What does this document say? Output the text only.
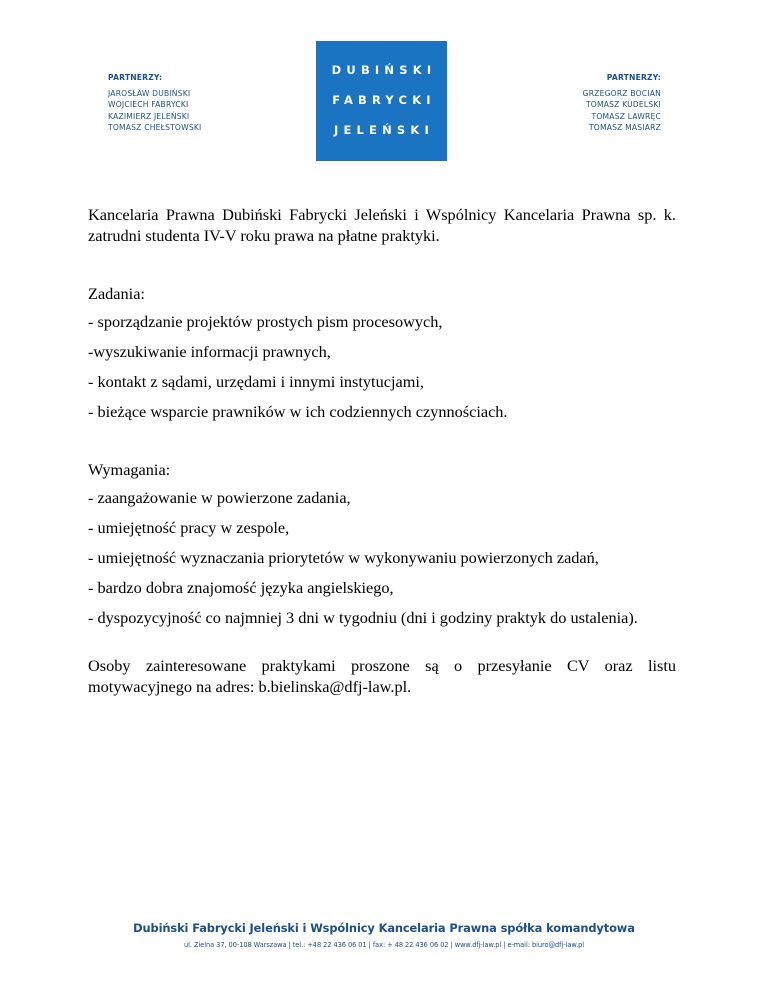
PARTNERZY:
JAROSŁAW DUBIŃSKI
WOJCIECH FABRYCKI
KAZIMIERZ JELEŃSKI
TOMASZ CHEŁSTOWSKI
DUBIŃSKI
FABRYCKI
JELEŃSKI
PARTNERZY:
GRZEGORZ BOCIAN
TOMASZ KUDELSKI
TOMASZ LAWRĘC
TOMASZ MASIARZ

Kancelaria Prawna Dubiński Fabrycki Jeleński i Wspólnicy Kancelaria Prawna sp. k. zatrudni studenta IV-V roku prawa na płatne praktyki.

Zadania:
- sporządzanie projektów prostych pism procesowych,
-wyszukiwanie informacji prawnych,
- kontakt z sądami, urzędami i innymi instytucjami,
- bieżące wsparcie prawników w ich codziennych czynnościach.
Wymagania:
- zaangażowanie w powierzone zadania,
- umiejętność pracy w zespole,
- umiejętność wyznaczania priorytetów w wykonywaniu powierzonych zadań,
- bardzo dobra znajomość języka angielskiego,
- dyspozycyjność co najmniej 3 dni w tygodniu (dni i godziny praktyk do ustalenia).

Osoby zainteresowane praktykami proszone są o przesyłanie CV oraz listu motywacyjnego na adres: b.bielinska@dfj-law.pl.

Dubiński Fabrycki Jeleński i Wspólnicy Kancelaria Prawna spółka komandytowa
ul. Zielna 37, 00-108 Warszawa | tel.: +48 22 436 06 01 | fax: + 48 22 436 06 02 | www.dfj-law.pl | e-mail: biuro@dfj-law.pl
